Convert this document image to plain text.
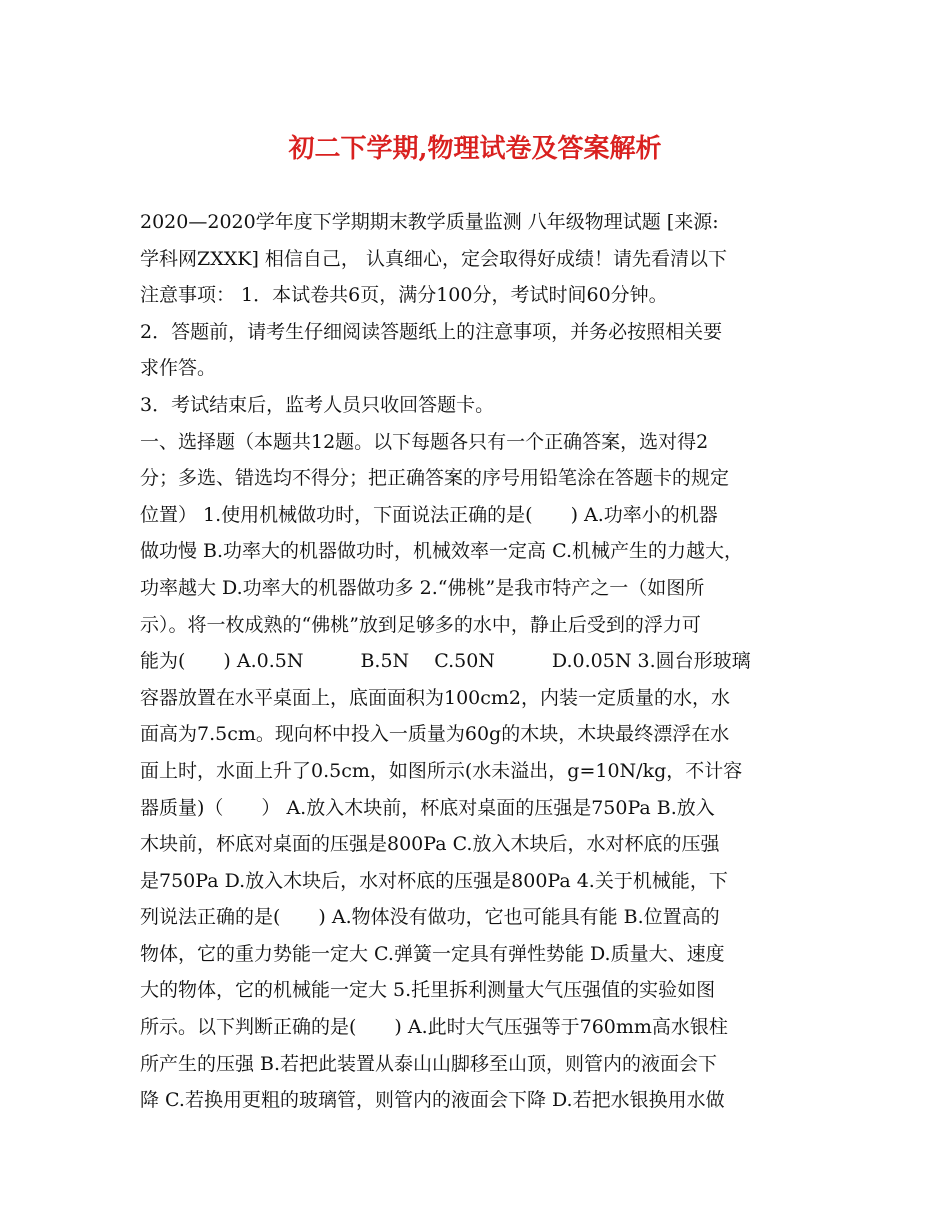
初二下学期,物理试卷及答案解析
2020—2020学年度下学期期末教学质量监测 八年级物理试题 [来源:
学科网ZXXK] 相信自己， 认真细心，定会取得好成绩！请先看清以下
注意事项： 1．本试卷共6页，满分100分，考试时间60分钟。
2．答题前，请考生仔细阅读答题纸上的注意事项，并务必按照相关要
求作答。
3．考试结束后，监考人员只收回答题卡。
一、选择题（本题共12题。以下每题各只有一个正确答案，选对得2
分；多选、错选均不得分；把正确答案的序号用铅笔涂在答题卡的规定
位置） 1.使用机械做功时，下面说法正确的是(　　) A.功率小的机器
做功慢 B.功率大的机器做功时，机械效率一定高 C.机械产生的力越大，
功率越大 D.功率大的机器做功多 2.“佛桃”是我市特产之一（如图所
示）。将一枚成熟的“佛桃”放到足够多的水中，静止后受到的浮力可
能为(　　) A.0.5N　　　B.5N　 C.50N　　　D.0.05N 3.圆台形玻璃
容器放置在水平桌面上，底面面积为100cm2，内装一定质量的水，水
面高为7.5cm。现向杯中投入一质量为60g的木块，木块最终漂浮在水
面上时，水面上升了0.5cm，如图所示(水未溢出，g=10N/kg，不计容
器质量)（　　） A.放入木块前，杯底对桌面的压强是750Pa B.放入
木块前，杯底对桌面的压强是800Pa C.放入木块后，水对杯底的压强
是750Pa D.放入木块后，水对杯底的压强是800Pa 4.关于机械能，下
列说法正确的是(　　) A.物体没有做功，它也可能具有能 B.位置高的
物体，它的重力势能一定大 C.弹簧一定具有弹性势能 D.质量大、速度
大的物体，它的机械能一定大 5.托里拆利测量大气压强值的实验如图
所示。以下判断正确的是(　　) A.此时大气压强等于760mm高水银柱
所产生的压强 B.若把此装置从泰山山脚移至山顶，则管内的液面会下
降 C.若换用更粗的玻璃管，则管内的液面会下降 D.若把水银换用水做
